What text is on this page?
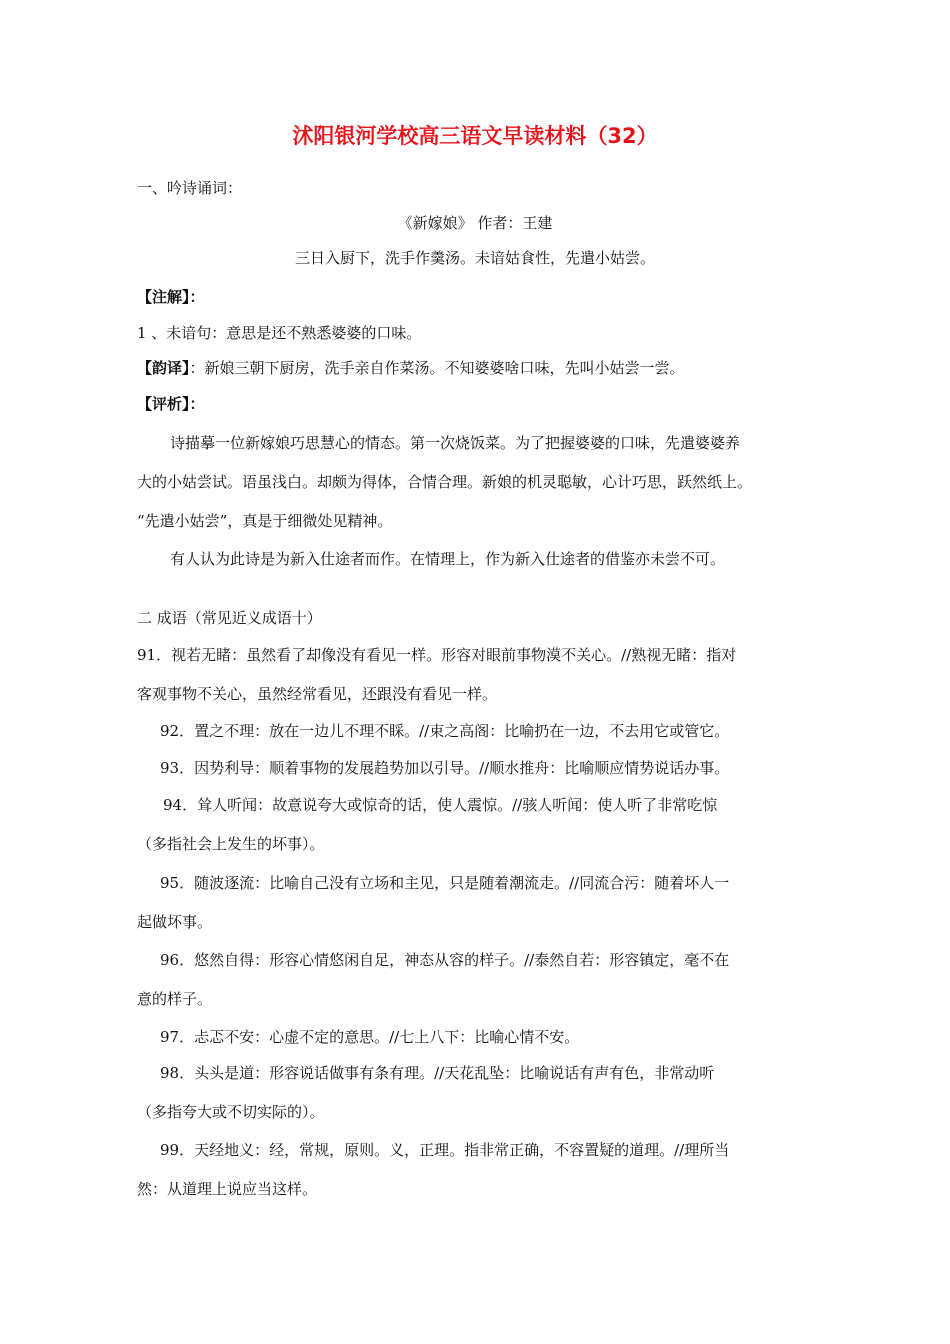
沭阳银河学校高三语文早读材料（32）
一、吟诗诵词：
《新嫁娘》 作者：王建
三日入厨下，洗手作羹汤。未谙姑食性，先遣小姑尝。
【注解】：
1 、未谙句：意思是还不熟悉婆婆的口味。
【韵译】：新娘三朝下厨房，洗手亲自作菜汤。不知婆婆啥口味，先叫小姑尝一尝。
【评析】：
诗描摹一位新嫁娘巧思慧心的情态。第一次烧饭菜。为了把握婆婆的口味，先遣婆婆养
大的小姑尝试。语虽浅白。却颇为得体，合情合理。新娘的机灵聪敏，心计巧思，跃然纸上。
“先遣小姑尝”，真是于细微处见精神。
有人认为此诗是为新入仕途者而作。在情理上，作为新入仕途者的借鉴亦未尝不可。
二 成语（常见近义成语十）
91．视若无睹：虽然看了却像没有看见一样。形容对眼前事物漠不关心。//熟视无睹：指对
客观事物不关心，虽然经常看见，还跟没有看见一样。
92．置之不理：放在一边儿不理不睬。//束之高阁：比喻扔在一边，不去用它或管它。
93．因势利导：顺着事物的发展趋势加以引导。//顺水推舟：比喻顺应情势说话办事。
94．耸人听闻：故意说夸大或惊奇的话，使人震惊。//骇人听闻：使人听了非常吃惊
（多指社会上发生的坏事）。
95．随波逐流：比喻自己没有立场和主见，只是随着潮流走。//同流合污：随着坏人一
起做坏事。
96．悠然自得：形容心情悠闲自足，神态从容的样子。//泰然自若：形容镇定，毫不在
意的样子。
97．忐忑不安：心虚不定的意思。//七上八下：比喻心情不安。
98．头头是道：形容说话做事有条有理。//天花乱坠：比喻说话有声有色，非常动听
（多指夸大或不切实际的）。
99．天经地义：经，常规，原则。义，正理。指非常正确，不容置疑的道理。//理所当
然：从道理上说应当这样。
